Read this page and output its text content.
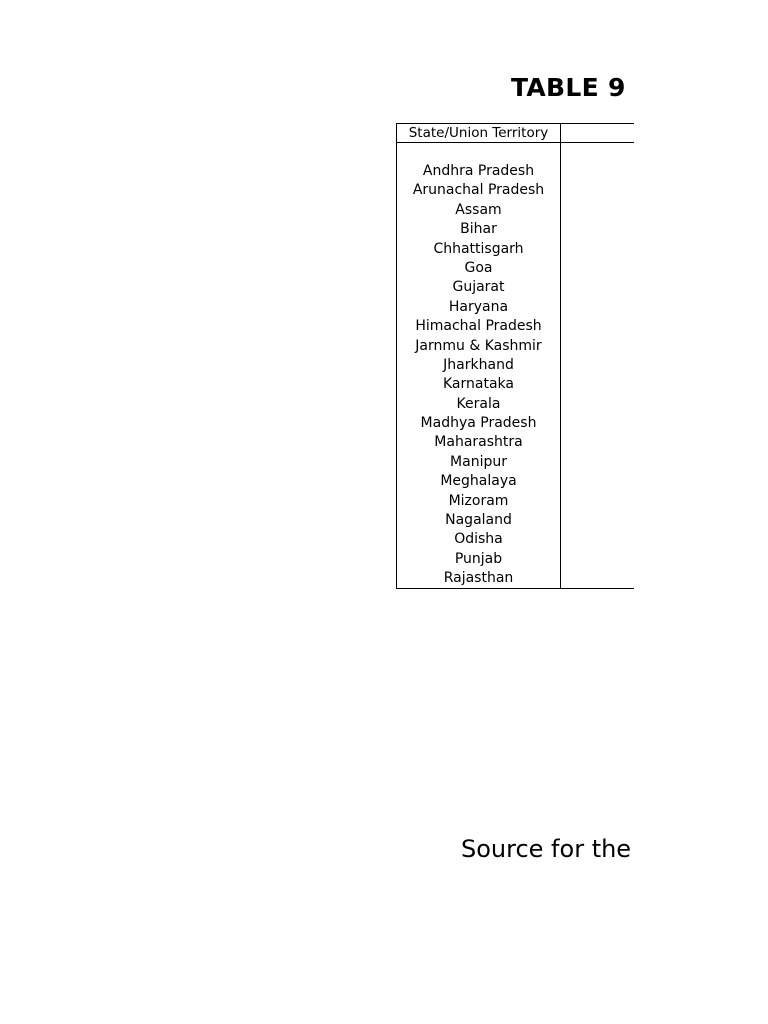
TABLE 9
State/Union Territory
Andhra Pradesh
Arunachal Pradesh
Assam
Bihar
Chhattisgarh
Goa
Gujarat
Haryana
Himachal Pradesh
Jarnmu & Kashmir
Jharkhand
Karnataka
Kerala
Madhya Pradesh
Maharashtra
Manipur
Meghalaya
Mizoram
Nagaland
Odisha
Punjab
Rajasthan
Source for the
